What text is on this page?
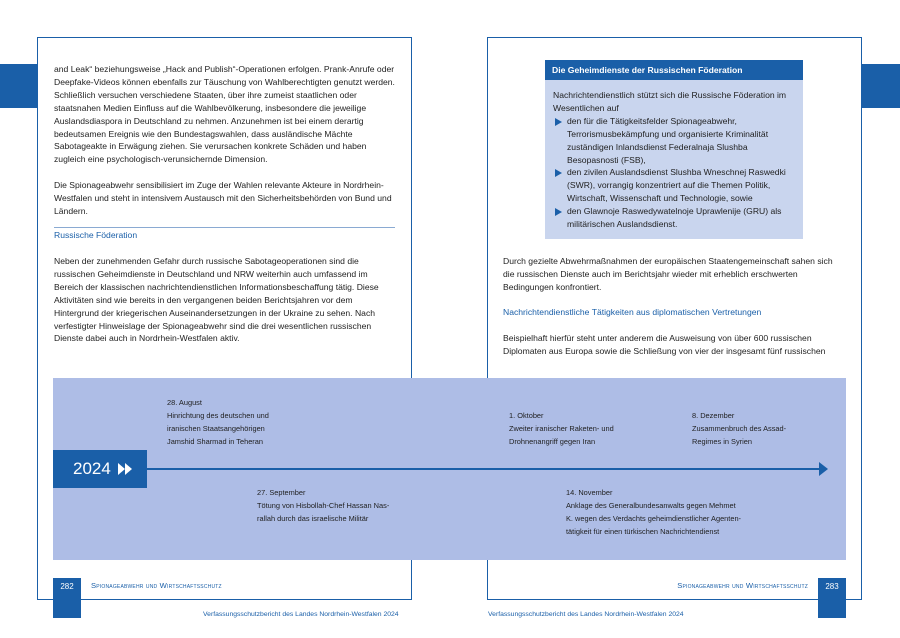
and Leak“ beziehungsweise „Hack and Publish“-Operationen erfolgen. Prank-Anrufe oder Deepfake-Videos können ebenfalls zur Täuschung von Wahlberechtigten genutzt werden. Schließlich versuchen verschiedene Staaten, über ihre zumeist staatlichen oder staatsnahen Medien Einfluss auf die Wahlbevölkerung, insbesondere die jeweilige Auslandsdiaspora in Deutschland zu nehmen. Anzunehmen ist bei einem derartig bedeutsamen Ereignis wie den Bundestagswahlen, dass ausländische Mächte Sabotageakte in Erwägung ziehen. Sie verursachen konkrete Schäden und haben zugleich eine psychologisch-verunsichernde Dimension.

Die Spionageabwehr sensibilisiert im Zuge der Wahlen relevante Akteure in Nordrhein-Westfalen und steht in intensivem Austausch mit den Sicherheitsbehörden von Bund und Ländern.

Russische Föderation
Neben der zunehmenden Gefahr durch russische Sabotageoperationen sind die russischen Geheimdienste in Deutschland und NRW weiterhin auch umfassend im Bereich der klassischen nachrichtendienstlichen Informationsbeschaffung tätig. Diese Aktivitäten sind wie bereits in den vergangenen beiden Berichtsjahren vor dem Hintergrund der kriegerischen Auseinandersetzungen in der Ukraine zu sehen. Nach verfestigter Hinweislage der Spionageabwehr sind die drei wesentlichen russischen Dienste dabei auch in Nordrhein-Westfalen aktiv.
Die Geheimdienste der Russischen Föderation
Nachrichtendienstlich stützt sich die Russische Föderation im Wesentlichen auf
den für die Tätigkeitsfelder Spionageabwehr, Terrorismusbekämpfung und organisierte Kriminalität zuständigen Inlandsdienst Federalnaja Slushba Besopasnosti (FSB),
den zivilen Auslandsdienst Slushba Wneschnej Raswedki (SWR), vorrangig konzentriert auf die Themen Politik, Wirtschaft, Wissenschaft und Technologie, sowie
den Glawnoje Raswedywatelnoje Uprawlenije (GRU) als militärischen Auslandsdienst.
Durch gezielte Abwehrmaßnahmen der europäischen Staatengemeinschaft sahen sich die russischen Dienste auch im Berichtsjahr wieder mit erheblich erschwerten Bedingungen konfrontiert.
Nachrichtendienstliche Tätigkeiten aus diplomatischen Vertretungen
Beispielhaft hierfür steht unter anderem die Ausweisung von über 600 russischen Diplomaten aus Europa sowie die Schließung von vier der insgesamt fünf russischen
28. August
Hinrichtung des deutschen und
iranischen Staatsangehörigen
Jamshid Sharmad in Teheran
1. Oktober
Zweiter iranischer Raketen- und
Drohnenangriff gegen Iran
8. Dezember
Zusammenbruch des Assad-
Regimes in Syrien
2024
27. September
Tötung von Hisbollah-Chef Hassan Nas-
rallah durch das israelische Militär
14. November
Anklage des Generalbundesanwalts gegen Mehmet
K. wegen des Verdachts geheimdienstlicher Agenten-
tätigkeit für einen türkischen Nachrichtendienst
282	Spionageabwehr und Wirtschaftsschutz	Spionageabwehr und Wirtschaftsschutz	283
Verfassungsschutzbericht des Landes Nordrhein-Westfalen 2024	Verfassungsschutzbericht des Landes Nordrhein-Westfalen 2024
